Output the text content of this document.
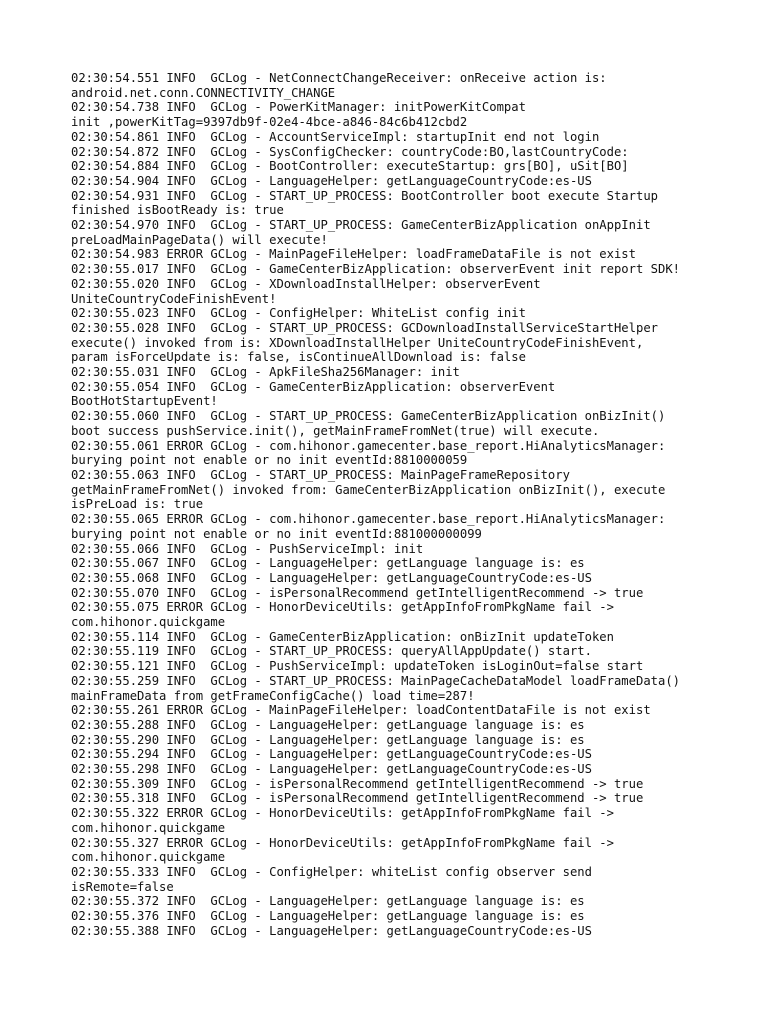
02:30:54.551 INFO  GCLog - NetConnectChangeReceiver: onReceive action is:
android.net.conn.CONNECTIVITY_CHANGE
02:30:54.738 INFO  GCLog - PowerKitManager: initPowerKitCompat
init ,powerKitTag=9397db9f-02e4-4bce-a846-84c6b412cbd2
02:30:54.861 INFO  GCLog - AccountServiceImpl: startupInit end not login
02:30:54.872 INFO  GCLog - SysConfigChecker: countryCode:BO,lastCountryCode:
02:30:54.884 INFO  GCLog - BootController: executeStartup: grs[BO], uSit[BO]
02:30:54.904 INFO  GCLog - LanguageHelper: getLanguageCountryCode:es-US
02:30:54.931 INFO  GCLog - START_UP_PROCESS: BootController boot execute Startup
finished isBootReady is: true
02:30:54.970 INFO  GCLog - START_UP_PROCESS: GameCenterBizApplication onAppInit
preLoadMainPageData() will execute!
02:30:54.983 ERROR GCLog - MainPageFileHelper: loadFrameDataFile is not exist
02:30:55.017 INFO  GCLog - GameCenterBizApplication: observerEvent init report SDK!
02:30:55.020 INFO  GCLog - XDownloadInstallHelper: observerEvent
UniteCountryCodeFinishEvent!
02:30:55.023 INFO  GCLog - ConfigHelper: WhiteList config init
02:30:55.028 INFO  GCLog - START_UP_PROCESS: GCDownloadInstallServiceStartHelper
execute() invoked from is: XDownloadInstallHelper UniteCountryCodeFinishEvent,
param isForceUpdate is: false, isContinueAllDownload is: false
02:30:55.031 INFO  GCLog - ApkFileSha256Manager: init
02:30:55.054 INFO  GCLog - GameCenterBizApplication: observerEvent
BootHotStartupEvent!
02:30:55.060 INFO  GCLog - START_UP_PROCESS: GameCenterBizApplication onBizInit()
boot success pushService.init(), getMainFrameFromNet(true) will execute.
02:30:55.061 ERROR GCLog - com.hihonor.gamecenter.base_report.HiAnalyticsManager:
burying point not enable or no init eventId:8810000059
02:30:55.063 INFO  GCLog - START_UP_PROCESS: MainPageFrameRepository
getMainFrameFromNet() invoked from: GameCenterBizApplication onBizInit(), execute
isPreLoad is: true
02:30:55.065 ERROR GCLog - com.hihonor.gamecenter.base_report.HiAnalyticsManager:
burying point not enable or no init eventId:881000000099
02:30:55.066 INFO  GCLog - PushServiceImpl: init
02:30:55.067 INFO  GCLog - LanguageHelper: getLanguage language is: es
02:30:55.068 INFO  GCLog - LanguageHelper: getLanguageCountryCode:es-US
02:30:55.070 INFO  GCLog - isPersonalRecommend getIntelligentRecommend -> true
02:30:55.075 ERROR GCLog - HonorDeviceUtils: getAppInfoFromPkgName fail ->
com.hihonor.quickgame
02:30:55.114 INFO  GCLog - GameCenterBizApplication: onBizInit updateToken
02:30:55.119 INFO  GCLog - START_UP_PROCESS: queryAllAppUpdate() start.
02:30:55.121 INFO  GCLog - PushServiceImpl: updateToken isLoginOut=false start
02:30:55.259 INFO  GCLog - START_UP_PROCESS: MainPageCacheDataModel loadFrameData()
mainFrameData from getFrameConfigCache() load time=287!
02:30:55.261 ERROR GCLog - MainPageFileHelper: loadContentDataFile is not exist
02:30:55.288 INFO  GCLog - LanguageHelper: getLanguage language is: es
02:30:55.290 INFO  GCLog - LanguageHelper: getLanguage language is: es
02:30:55.294 INFO  GCLog - LanguageHelper: getLanguageCountryCode:es-US
02:30:55.298 INFO  GCLog - LanguageHelper: getLanguageCountryCode:es-US
02:30:55.309 INFO  GCLog - isPersonalRecommend getIntelligentRecommend -> true
02:30:55.318 INFO  GCLog - isPersonalRecommend getIntelligentRecommend -> true
02:30:55.322 ERROR GCLog - HonorDeviceUtils: getAppInfoFromPkgName fail ->
com.hihonor.quickgame
02:30:55.327 ERROR GCLog - HonorDeviceUtils: getAppInfoFromPkgName fail ->
com.hihonor.quickgame
02:30:55.333 INFO  GCLog - ConfigHelper: whiteList config observer send
isRemote=false
02:30:55.372 INFO  GCLog - LanguageHelper: getLanguage language is: es
02:30:55.376 INFO  GCLog - LanguageHelper: getLanguage language is: es
02:30:55.388 INFO  GCLog - LanguageHelper: getLanguageCountryCode:es-US
